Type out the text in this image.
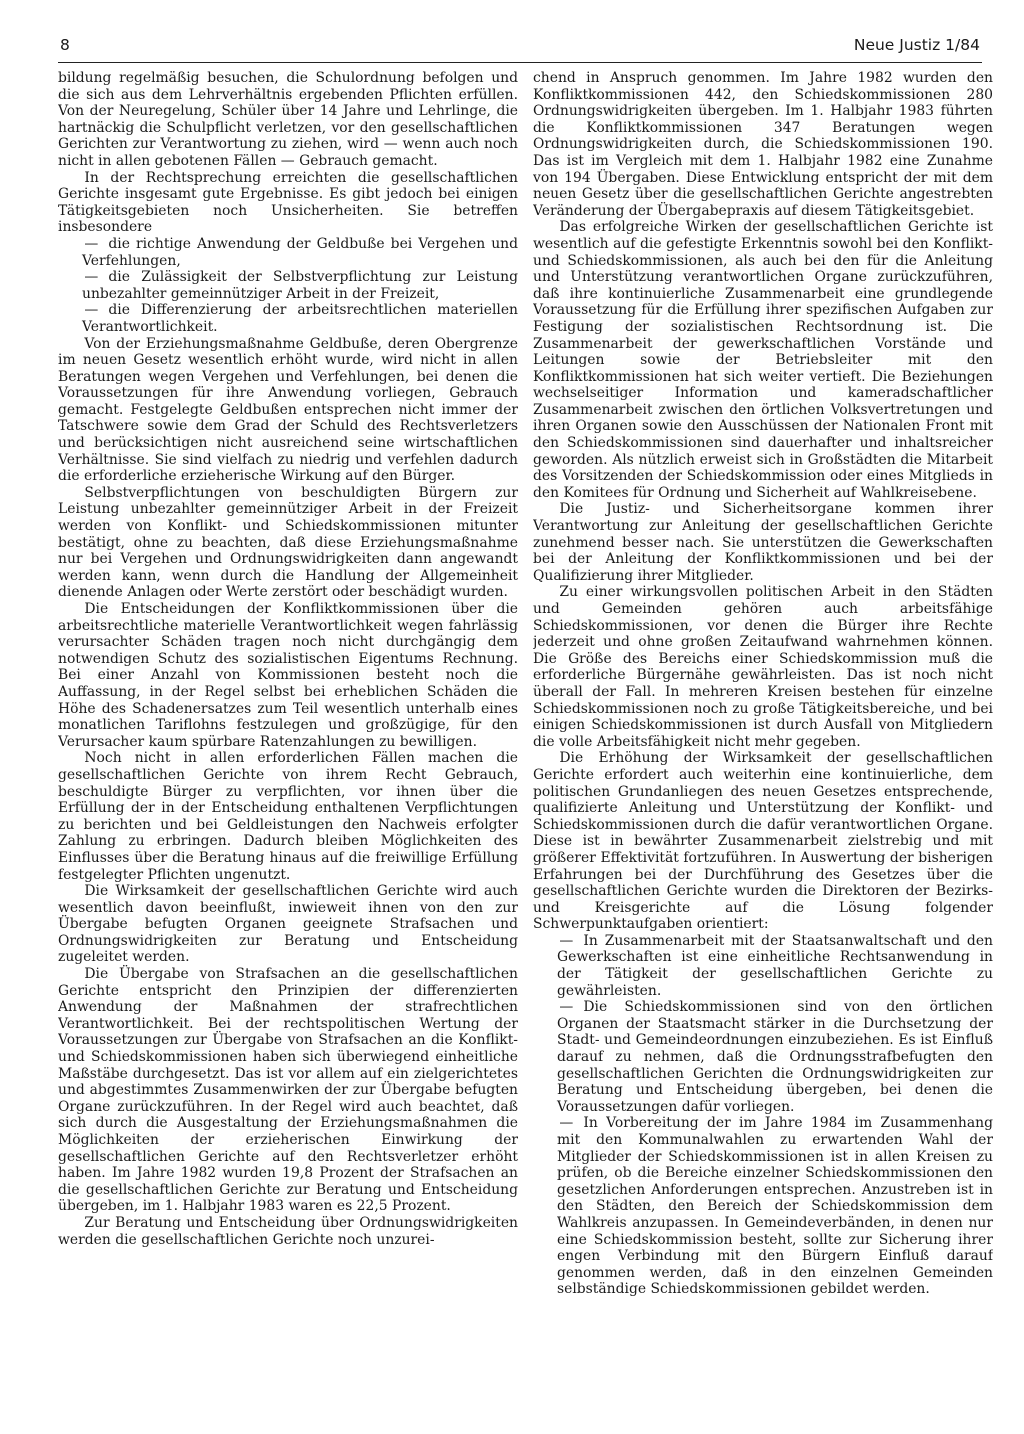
8	Neue Justiz 1/84

bildung regelmäßig besuchen, die Schulordnung befolgen und die sich aus dem Lehrverhältnis ergebenden Pflichten erfüllen. Von der Neuregelung, Schüler über 14 Jahre und Lehrlinge, die hartnäckig die Schulpflicht verletzen, vor den gesellschaftlichen Gerichten zur Verantwortung zu ziehen, wird — wenn auch noch nicht in allen gebotenen Fällen — Gebrauch gemacht.

In der Rechtsprechung erreichten die gesellschaftlichen Gerichte insgesamt gute Ergebnisse. Es gibt jedoch bei einigen Tätigkeitsgebieten noch Unsicherheiten. Sie betreffen insbesondere

— die richtige Anwendung der Geldbuße bei Vergehen und Verfehlungen,

— die Zulässigkeit der Selbstverpflichtung zur Leistung unbezahlter gemeinnütziger Arbeit in der Freizeit,

— die Differenzierung der arbeitsrechtlichen materiellen Verantwortlichkeit.

Von der Erziehungsmaßnahme Geldbuße, deren Obergrenze im neuen Gesetz wesentlich erhöht wurde, wird nicht in allen Beratungen wegen Vergehen und Verfehlungen, bei denen die Voraussetzungen für ihre Anwendung vorliegen, Gebrauch gemacht. Festgelegte Geldbußen entsprechen nicht immer der Tatschwere sowie dem Grad der Schuld des Rechtsverletzers und berücksichtigen nicht ausreichend seine wirtschaftlichen Verhältnisse. Sie sind vielfach zu niedrig und verfehlen dadurch die erforderliche erzieherische Wirkung auf den Bürger.

Selbstverpflichtungen von beschuldigten Bürgern zur Leistung unbezahlter gemeinnütziger Arbeit in der Freizeit werden von Konflikt- und Schiedskommissionen mitunter bestätigt, ohne zu beachten, daß diese Erziehungsmaßnahme nur bei Vergehen und Ordnungswidrigkeiten dann angewandt werden kann, wenn durch die Handlung der Allgemeinheit dienende Anlagen oder Werte zerstört oder beschädigt wurden.

Die Entscheidungen der Konfliktkommissionen über die arbeitsrechtliche materielle Verantwortlichkeit wegen fahrlässig verursachter Schäden tragen noch nicht durchgängig dem notwendigen Schutz des sozialistischen Eigentums Rechnung. Bei einer Anzahl von Kommissionen besteht noch die Auffassung, in der Regel selbst bei erheblichen Schäden die Höhe des Schadenersatzes zum Teil wesentlich unterhalb eines monatlichen Tariflohns festzulegen und großzügige, für den Verursacher kaum spürbare Ratenzahlungen zu bewilligen.

Noch nicht in allen erforderlichen Fällen machen die gesellschaftlichen Gerichte von ihrem Recht Gebrauch, beschuldigte Bürger zu verpflichten, vor ihnen über die Erfüllung der in der Entscheidung enthaltenen Verpflichtungen zu berichten und bei Geldleistungen den Nachweis erfolgter Zahlung zu erbringen. Dadurch bleiben Möglichkeiten des Einflusses über die Beratung hinaus auf die freiwillige Erfüllung festgelegter Pflichten ungenutzt.

Die Wirksamkeit der gesellschaftlichen Gerichte wird auch wesentlich davon beeinflußt, inwieweit ihnen von den zur Übergabe befugten Organen geeignete Strafsachen und Ordnungswidrigkeiten zur Beratung und Entscheidung zugeleitet werden.

Die Übergabe von Strafsachen an die gesellschaftlichen Gerichte entspricht den Prinzipien der differenzierten Anwendung der Maßnahmen der strafrechtlichen Verantwortlichkeit. Bei der rechtspolitischen Wertung der Voraussetzungen zur Übergabe von Strafsachen an die Konflikt- und Schiedskommissionen haben sich überwiegend einheitliche Maßstäbe durchgesetzt. Das ist vor allem auf ein zielgerichtetes und abgestimmtes Zusammenwirken der zur Übergabe befugten Organe zurückzuführen. In der Regel wird auch beachtet, daß sich durch die Ausgestaltung der Erziehungsmaßnahmen die Möglichkeiten der erzieherischen Einwirkung der gesellschaftlichen Gerichte auf den Rechtsverletzer erhöht haben. Im Jahre 1982 wurden 19,8 Prozent der Strafsachen an die gesellschaftlichen Gerichte zur Beratung und Entscheidung übergeben, im 1. Halbjahr 1983 waren es 22,5 Prozent.

Zur Beratung und Entscheidung über Ordnungswidrigkeiten werden die gesellschaftlichen Gerichte noch unzurei-

chend in Anspruch genommen. Im Jahre 1982 wurden den Konfliktkommissionen 442, den Schiedskommissionen 280 Ordnungswidrigkeiten übergeben. Im 1. Halbjahr 1983 führten die Konfliktkommissionen 347 Beratungen wegen Ordnungswidrigkeiten durch, die Schiedskommissionen 190. Das ist im Vergleich mit dem 1. Halbjahr 1982 eine Zunahme von 194 Übergaben. Diese Entwicklung entspricht der mit dem neuen Gesetz über die gesellschaftlichen Gerichte angestrebten Veränderung der Übergabepraxis auf diesem Tätigkeitsgebiet.

Das erfolgreiche Wirken der gesellschaftlichen Gerichte ist wesentlich auf die gefestigte Erkenntnis sowohl bei den Konflikt- und Schiedskommissionen, als auch bei den für die Anleitung und Unterstützung verantwortlichen Organe zurückzuführen, daß ihre kontinuierliche Zusammenarbeit eine grundlegende Voraussetzung für die Erfüllung ihrer spezifischen Aufgaben zur Festigung der sozialistischen Rechtsordnung ist. Die Zusammenarbeit der gewerkschaftlichen Vorstände und Leitungen sowie der Betriebsleiter mit den Konfliktkommissionen hat sich weiter vertieft. Die Beziehungen wechselseitiger Information und kameradschaftlicher Zusammenarbeit zwischen den örtlichen Volksvertretungen und ihren Organen sowie den Ausschüssen der Nationalen Front mit den Schiedskommissionen sind dauerhafter und inhaltsreicher geworden. Als nützlich erweist sich in Großstädten die Mitarbeit des Vorsitzenden der Schiedskommission oder eines Mitglieds in den Komitees für Ordnung und Sicherheit auf Wahlkreisebene.

Die Justiz- und Sicherheitsorgane kommen ihrer Verantwortung zur Anleitung der gesellschaftlichen Gerichte zunehmend besser nach. Sie unterstützen die Gewerkschaften bei der Anleitung der Konfliktkommissionen und bei der Qualifizierung ihrer Mitglieder.

Zu einer wirkungsvollen politischen Arbeit in den Städten und Gemeinden gehören auch arbeitsfähige Schiedskommissionen, vor denen die Bürger ihre Rechte jederzeit und ohne großen Zeitaufwand wahrnehmen können. Die Größe des Bereichs einer Schiedskommission muß die erforderliche Bürgernähe gewährleisten. Das ist noch nicht überall der Fall. In mehreren Kreisen bestehen für einzelne Schiedskommissionen noch zu große Tätigkeitsbereiche, und bei einigen Schiedskommissionen ist durch Ausfall von Mitgliedern die volle Arbeitsfähigkeit nicht mehr gegeben.

Die Erhöhung der Wirksamkeit der gesellschaftlichen Gerichte erfordert auch weiterhin eine kontinuierliche, dem politischen Grundanliegen des neuen Gesetzes entsprechende, qualifizierte Anleitung und Unterstützung der Konflikt- und Schiedskommissionen durch die dafür verantwortlichen Organe. Diese ist in bewährter Zusammenarbeit zielstrebig und mit größerer Effektivität fortzuführen. In Auswertung der bisherigen Erfahrungen bei der Durchführung des Gesetzes über die gesellschaftlichen Gerichte wurden die Direktoren der Bezirks- und Kreisgerichte auf die Lösung folgender Schwerpunktaufgaben orientiert:

— In Zusammenarbeit mit der Staatsanwaltschaft und den Gewerkschaften ist eine einheitliche Rechtsanwendung in der Tätigkeit der gesellschaftlichen Gerichte zu gewährleisten.

— Die Schiedskommissionen sind von den örtlichen Organen der Staatsmacht stärker in die Durchsetzung der Stadt- und Gemeindeordnungen einzubeziehen. Es ist Einfluß darauf zu nehmen, daß die Ordnungsstrafbefugten den gesellschaftlichen Gerichten die Ordnungswidrigkeiten zur Beratung und Entscheidung übergeben, bei denen die Voraussetzungen dafür vorliegen.

— In Vorbereitung der im Jahre 1984 im Zusammenhang mit den Kommunalwahlen zu erwartenden Wahl der Mitglieder der Schiedskommissionen ist in allen Kreisen zu prüfen, ob die Bereiche einzelner Schiedskommissionen den gesetzlichen Anforderungen entsprechen. Anzustreben ist in den Städten, den Bereich der Schiedskommission dem Wahlkreis anzupassen. In Gemeindeverbänden, in denen nur eine Schiedskommission besteht, sollte zur Sicherung ihrer engen Verbindung mit den Bürgern Einfluß darauf genommen werden, daß in den einzelnen Gemeinden selbständige Schiedskommissionen gebildet werden.
